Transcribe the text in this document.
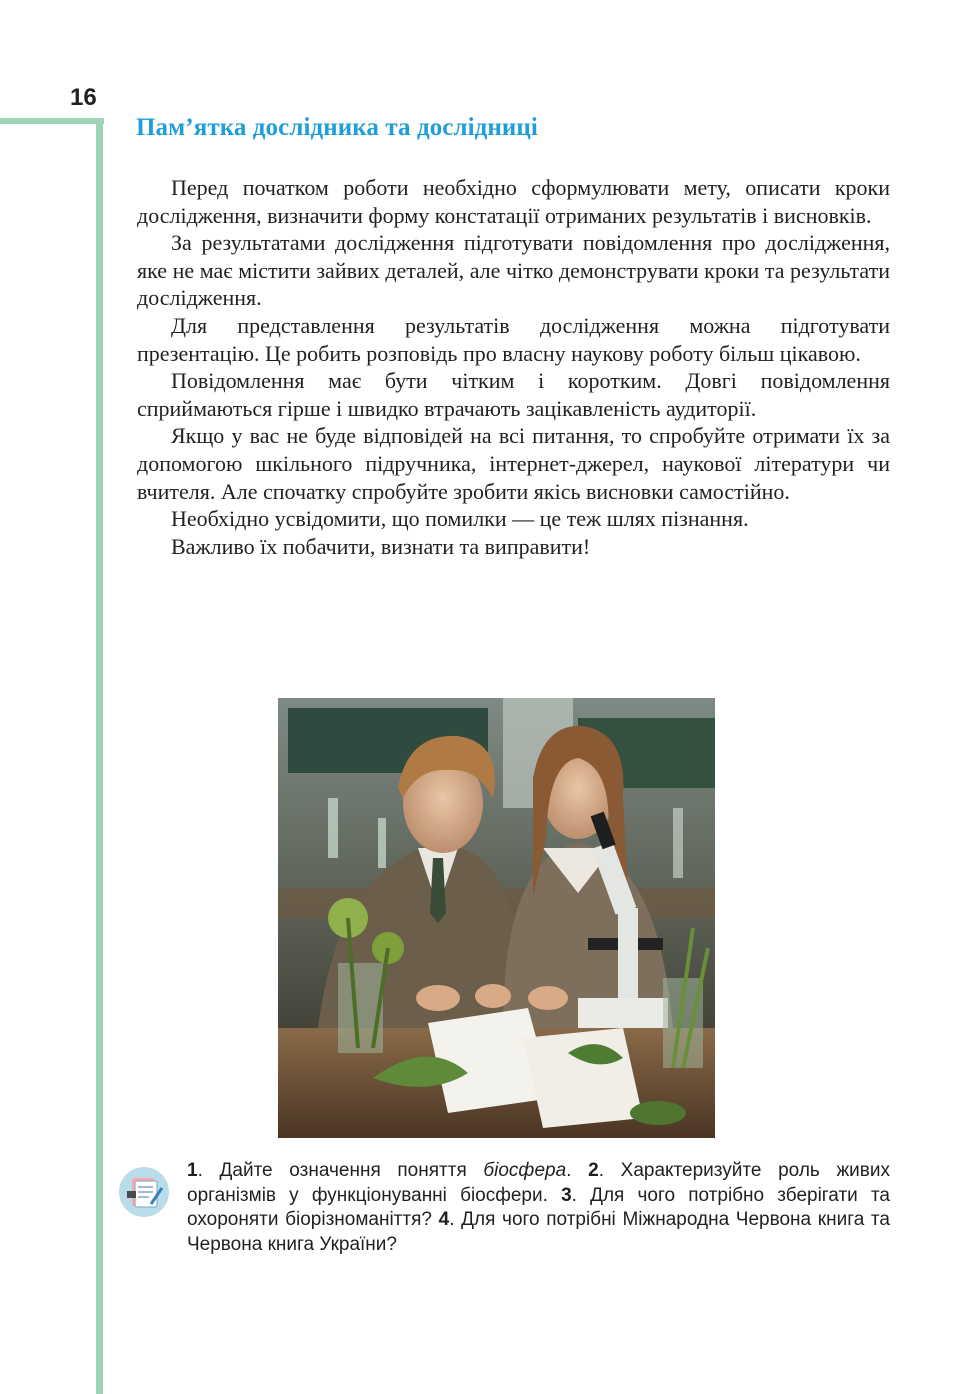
16
Пам’ятка дослідника та дослідниці

Перед початком роботи необхідно сформулювати мету, описати кроки дослідження, визначити форму констатації отриманих результатів і висновків.

За результатами дослідження підготувати повідомлення про дослідження, яке не має містити зайвих деталей, але чітко демонструвати кроки та результати дослідження.

Для представлення результатів дослідження можна підготувати презентацію. Це робить розповідь про власну наукову роботу більш цікавою.

Повідомлення має бути чітким і коротким. Довгі повідомлення сприймаються гірше і швидко втрачають зацікавленість аудиторії.

Якщо у вас не буде відповідей на всі питання, то спробуйте отримати їх за допомогою шкільного підручника, інтернет-джерел, наукової літератури чи вчителя. Але спочатку спробуйте зробити якісь висновки самостійно.

Необхідно усвідомити, що помилки — це теж шлях пізнання.

Важливо їх побачити, визнати та виправити!

1. Дайте означення поняття біосфера. 2. Характеризуйте роль живих організмів у функціонуванні біосфери. 3. Для чого потрібно зберігати та охороняти біорізноманіття? 4. Для чого потрібні Міжнародна Червона книга та Червона книга України?
